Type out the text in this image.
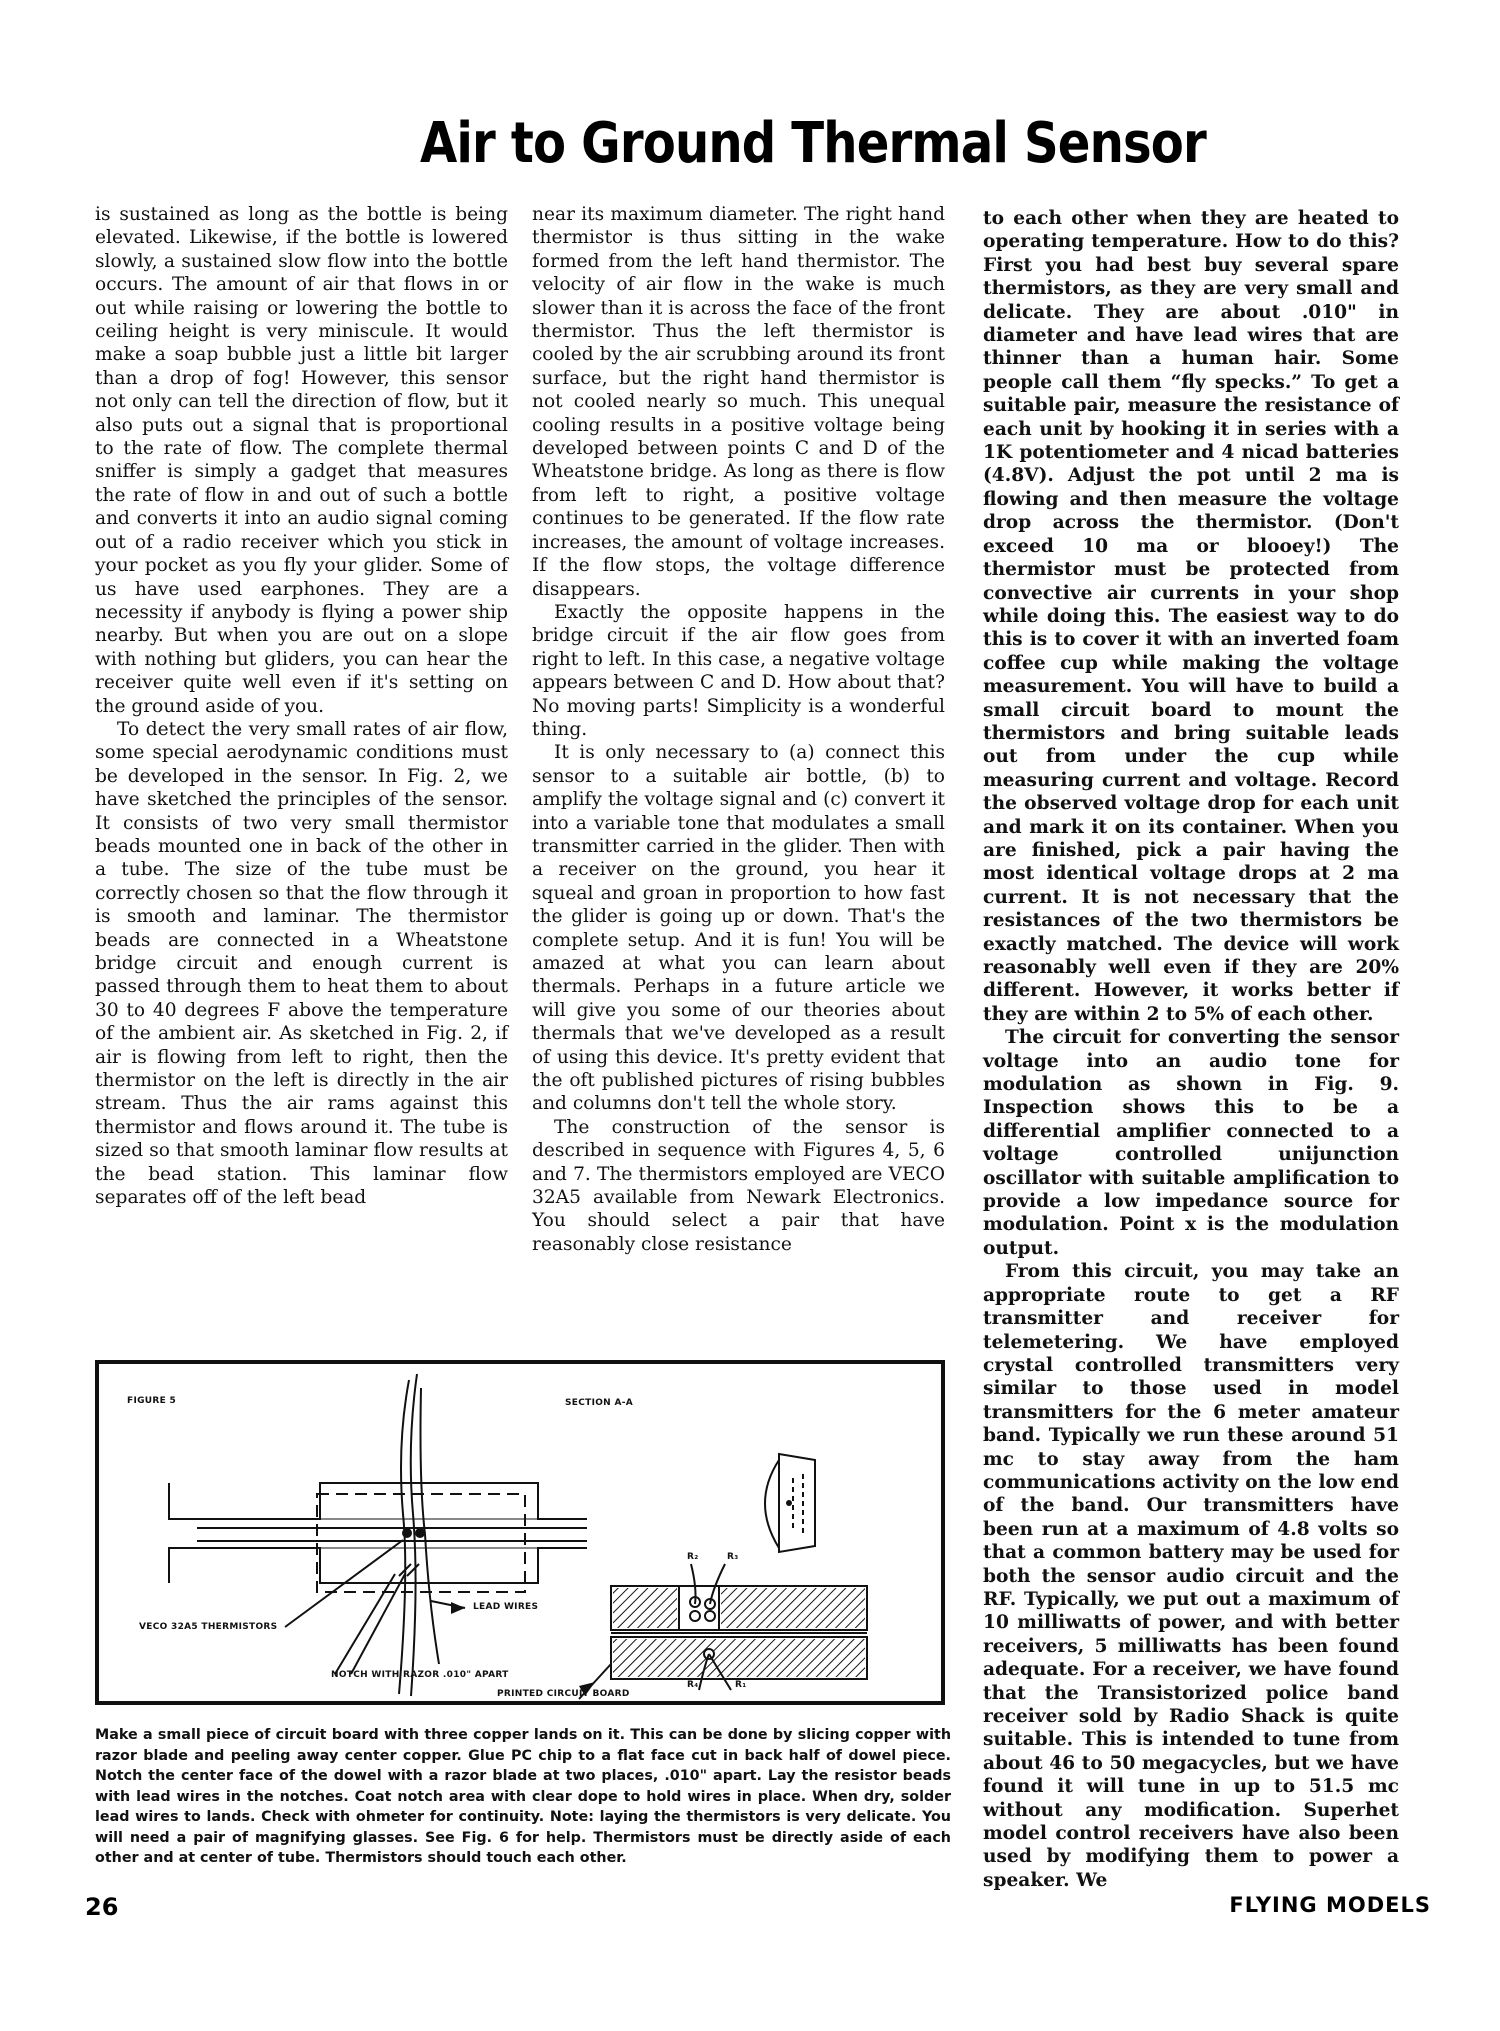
Air to Ground Thermal Sensor

is sustained as long as the bottle is being elevated. Likewise, if the bottle is lowered slowly, a sustained slow flow into the bottle occurs. The amount of air that flows in or out while raising or lowering the bottle to ceiling height is very miniscule. It would make a soap bubble just a little bit larger than a drop of fog! However, this sensor not only can tell the direction of flow, but it also puts out a signal that is proportional to the rate of flow. The complete thermal sniffer is simply a gadget that measures the rate of flow in and out of such a bottle and converts it into an audio signal coming out of a radio receiver which you stick in your pocket as you fly your glider. Some of us have used earphones. They are a necessity if anybody is flying a power ship nearby. But when you are out on a slope with nothing but gliders, you can hear the receiver quite well even if it's setting on the ground aside of you.

To detect the very small rates of air flow, some special aerodynamic conditions must be developed in the sensor. In Fig. 2, we have sketched the principles of the sensor. It consists of two very small thermistor beads mounted one in back of the other in a tube. The size of the tube must be correctly chosen so that the flow through it is smooth and laminar. The thermistor beads are connected in a Wheatstone bridge circuit and enough current is passed through them to heat them to about 30 to 40 degrees F above the temperature of the ambient air. As sketched in Fig. 2, if air is flowing from left to right, then the thermistor on the left is directly in the air stream. Thus the air rams against this thermistor and flows around it. The tube is sized so that smooth laminar flow results at the bead station. This laminar flow separates off of the left bead

near its maximum diameter. The right hand thermistor is thus sitting in the wake formed from the left hand thermistor. The velocity of air flow in the wake is much slower than it is across the face of the front thermistor. Thus the left thermistor is cooled by the air scrubbing around its front surface, but the right hand thermistor is not cooled nearly so much. This unequal cooling results in a positive voltage being developed between points C and D of the Wheatstone bridge. As long as there is flow from left to right, a positive voltage continues to be generated. If the flow rate increases, the amount of voltage increases. If the flow stops, the voltage difference disappears.

Exactly the opposite happens in the bridge circuit if the air flow goes from right to left. In this case, a negative voltage appears between C and D. How about that? No moving parts! Simplicity is a wonderful thing.

It is only necessary to (a) connect this sensor to a suitable air bottle, (b) to amplify the voltage signal and (c) convert it into a variable tone that modulates a small transmitter carried in the glider. Then with a receiver on the ground, you hear it squeal and groan in proportion to how fast the glider is going up or down. That's the complete setup. And it is fun! You will be amazed at what you can learn about thermals. Perhaps in a future article we will give you some of our theories about thermals that we've developed as a result of using this device. It's pretty evident that the oft published pictures of rising bubbles and columns don't tell the whole story.

The construction of the sensor is described in sequence with Figures 4, 5, 6 and 7. The thermistors employed are VECO 32A5 available from Newark Electronics. You should select a pair that have reasonably close resistance

to each other when they are heated to operating temperature. How to do this? First you had best buy several spare thermistors, as they are very small and delicate. They are about .010" in diameter and have lead wires that are thinner than a human hair. Some people call them “fly specks.” To get a suitable pair, measure the resistance of each unit by hooking it in series with a 1K potentiometer and 4 nicad batteries (4.8V). Adjust the pot until 2 ma is flowing and then measure the voltage drop across the thermistor. (Don't exceed 10 ma or blooey!) The thermistor must be protected from convective air currents in your shop while doing this. The easiest way to do this is to cover it with an inverted foam coffee cup while making the voltage measurement. You will have to build a small circuit board to mount the thermistors and bring suitable leads out from under the cup while measuring current and voltage. Record the observed voltage drop for each unit and mark it on its container. When you are finished, pick a pair having the most identical voltage drops at 2 ma current. It is not necessary that the resistances of the two thermistors be exactly matched. The device will work reasonably well even if they are 20% different. However, it works better if they are within 2 to 5% of each other.

The circuit for converting the sensor voltage into an audio tone for modulation as shown in Fig. 9. Inspection shows this to be a differential amplifier connected to a voltage controlled unijunction oscillator with suitable amplification to provide a low impedance source for modulation. Point x is the modulation output.

From this circuit, you may take an appropriate route to get a RF transmitter and receiver for telemetering. We have employed crystal controlled transmitters very similar to those used in model transmitters for the 6 meter amateur band. Typically we run these around 51 mc to stay away from the ham communications activity on the low end of the band. Our transmitters have been run at a maximum of 4.8 volts so that a common battery may be used for both the sensor audio circuit and the RF. Typically, we put out a maximum of 10 milliwatts of power, and with better receivers, 5 milliwatts has been found adequate. For a receiver, we have found that the Transistorized police band receiver sold by Radio Shack is quite suitable. This is intended to tune from about 46 to 50 megacycles, but we have found it will tune in up to 51.5 mc without any modification. Superhet model control receivers have also been used by modifying them to power a speaker. We

FIGURE 5	SECTION A-A
LEAD WIRES
VECO 32A5 THERMISTORS
NOTCH WITH RAZOR .010" APART
PRINTED CIRCUIT BOARD
R₂	R₃
R₄	R₁
Make a small piece of circuit board with three copper lands on it. This can be done by slicing copper with razor blade and peeling away center copper. Glue PC chip to a flat face cut in back half of dowel piece. Notch the center face of the dowel with a razor blade at two places, .010" apart. Lay the resistor beads with lead wires in the notches. Coat notch area with clear dope to hold wires in place. When dry, solder lead wires to lands. Check with ohmeter for continuity. Note: laying the thermistors is very delicate. You will need a pair of magnifying glasses. See Fig. 6 for help. Thermistors must be directly aside of each other and at center of tube. Thermistors should touch each other.
26	FLYING MODELS
